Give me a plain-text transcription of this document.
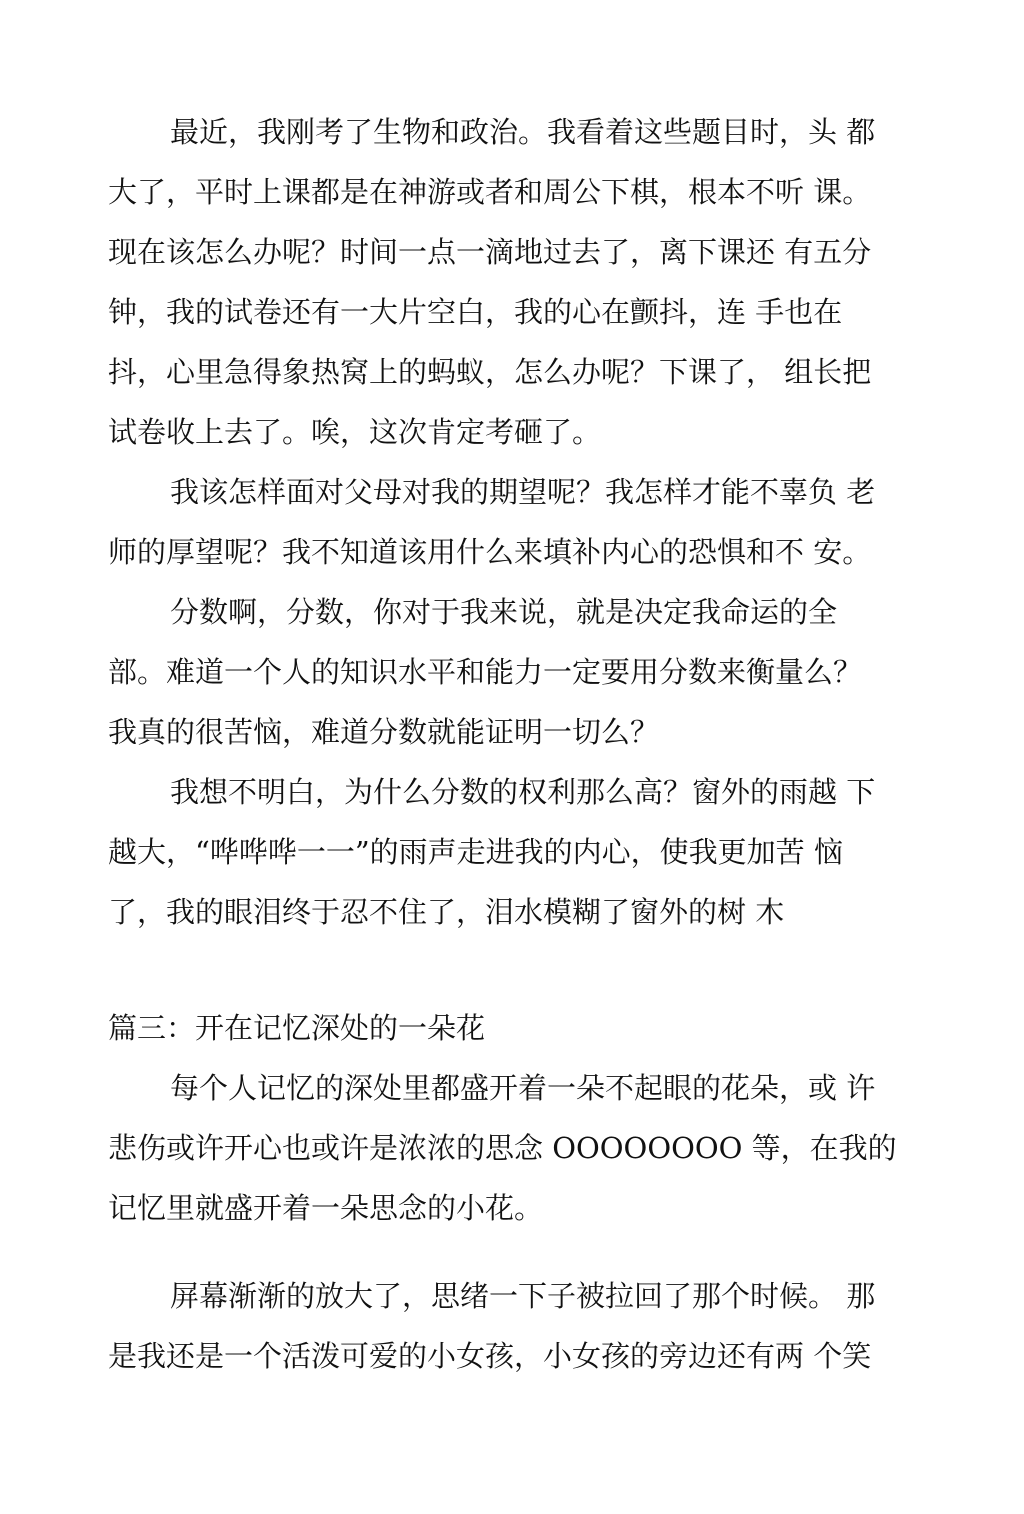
最近，我刚考了生物和政治。我看着这些题目时，头 都
大了，平时上课都是在神游或者和周公下棋，根本不听 课。
现在该怎么办呢？时间一点一滴地过去了，离下课还 有五分
钟，我的试卷还有一大片空白，我的心在颤抖，连 手也在
抖，心里急得象热窝上的蚂蚁，怎么办呢？下课了， 组长把
试卷收上去了。唉，这次肯定考砸了。
我该怎样面对父母对我的期望呢？我怎样才能不辜负 老
师的厚望呢？我不知道该用什么来填补内心的恐惧和不 安。
分数啊，分数，你对于我来说，就是决定我命运的全
部。难道一个人的知识水平和能力一定要用分数来衡量么？
我真的很苦恼，难道分数就能证明一切么？
我想不明白，为什么分数的权利那么高？窗外的雨越 下
越大，“哗哗哗一一”的雨声走进我的内心，使我更加苦 恼
了，我的眼泪终于忍不住了，泪水模糊了窗外的树 木
篇三：开在记忆深处的一朵花
每个人记忆的深处里都盛开着一朵不起眼的花朵，或 许
悲伤或许开心也或许是浓浓的思念 OOOOOOOO 等，在我的
记忆里就盛开着一朵思念的小花。
屏幕渐渐的放大了，思绪一下子被拉回了那个时候。 那
是我还是一个活泼可爱的小女孩，小女孩的旁边还有两 个笑
